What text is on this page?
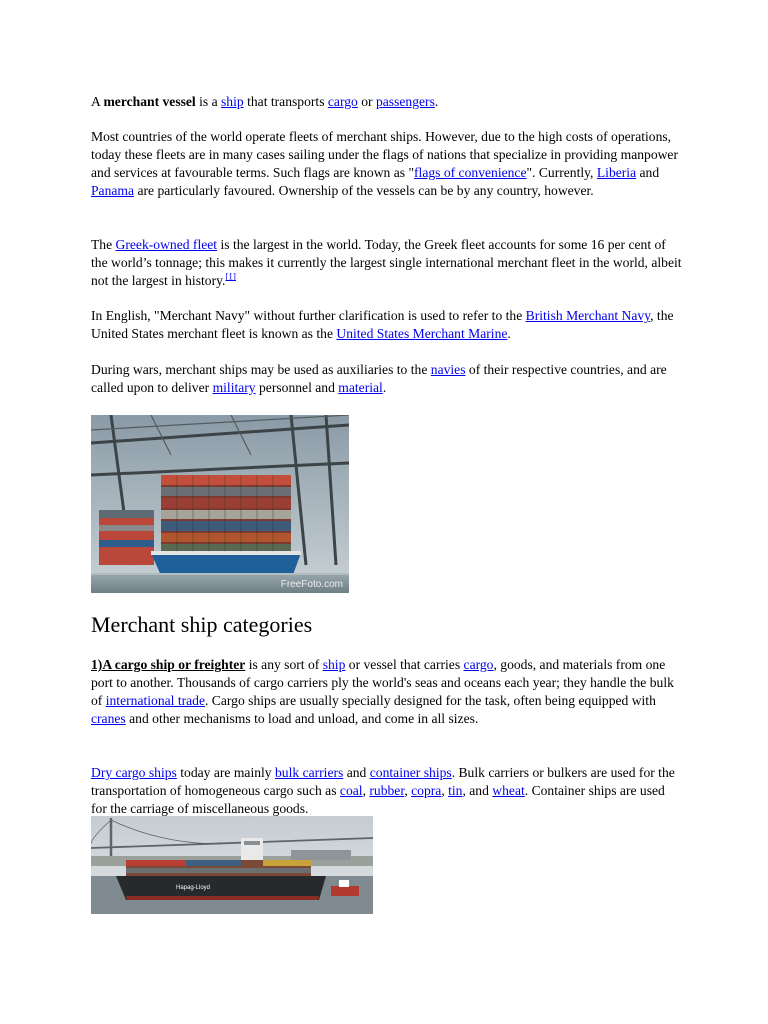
A merchant vessel is a ship that transports cargo or passengers.

Most countries of the world operate fleets of merchant ships. However, due to the high costs of operations, today these fleets are in many cases sailing under the flags of nations that specialize in providing manpower and services at favourable terms. Such flags are known as "flags of convenience". Currently, Liberia and Panama are particularly favoured. Ownership of the vessels can be by any country, however.

The Greek-owned fleet is the largest in the world. Today, the Greek fleet accounts for some 16 per cent of the world’s tonnage; this makes it currently the largest single international merchant fleet in the world, albeit not the largest in history.[1]

In English, "Merchant Navy" without further clarification is used to refer to the British Merchant Navy, the United States merchant fleet is known as the United States Merchant Marine.

During wars, merchant ships may be used as auxiliaries to the navies of their respective countries, and are called upon to deliver military personnel and material.

FreeFoto.com
Merchant ship categories

1)A cargo ship or freighter is any sort of ship or vessel that carries cargo, goods, and materials from one port to another. Thousands of cargo carriers ply the world's seas and oceans each year; they handle the bulk of international trade. Cargo ships are usually specially designed for the task, often being equipped with cranes and other mechanisms to load and unload, and come in all sizes.

Dry cargo ships today are mainly bulk carriers and container ships. Bulk carriers or bulkers are used for the transportation of homogeneous cargo such as coal, rubber, copra, tin, and wheat. Container ships are used for the carriage of miscellaneous goods.

Hapag-Lloyd
